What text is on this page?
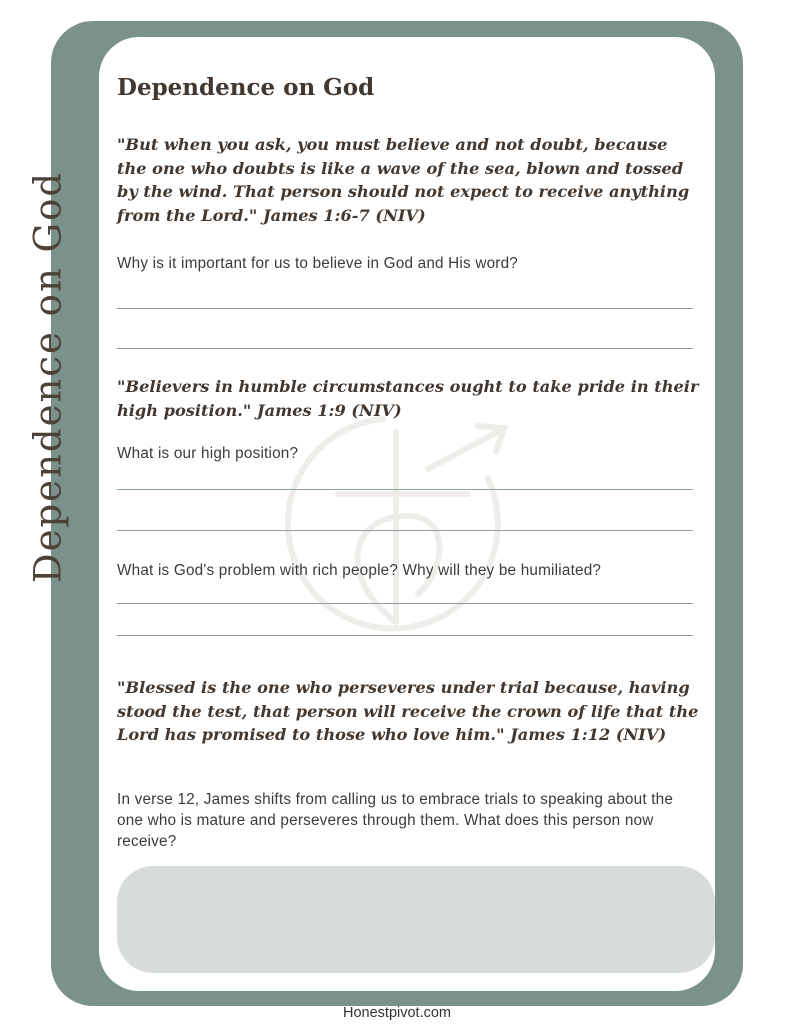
Dependence on God
Dependence on God
"But when you ask, you must believe and not doubt, because the one who doubts is like a wave of the sea, blown and tossed by the wind. That person should not expect to receive anything from the Lord." James 1:6-7 (NIV)
Why is it important for us to believe in God and His word?
"Believers in humble circumstances ought to take pride in their high position." James 1:9 (NIV)
What is our high position?
What is God's problem with rich people? Why will they be humiliated?
"Blessed is the one who perseveres under trial because, having stood the test, that person will receive the crown of life that the Lord has promised to those who love him." James 1:12 (NIV)
In verse 12, James shifts from calling us to embrace trials to speaking about the one who is mature and perseveres through them. What does this person now receive?
Honestpivot.com
